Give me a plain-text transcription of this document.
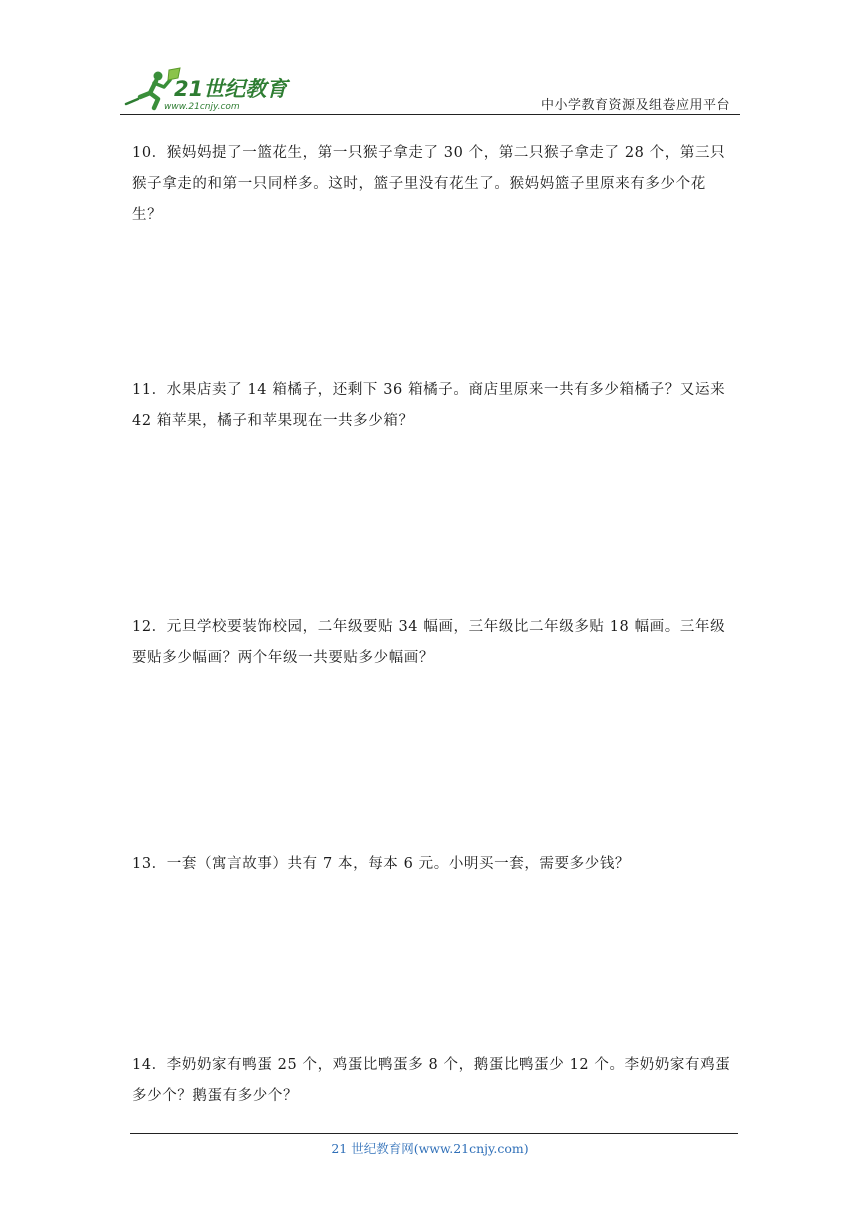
21世纪教育
www.21cnjy.com	中小学教育资源及组卷应用平台

10．猴妈妈提了一篮花生，第一只猴子拿走了 30 个，第二只猴子拿走了 28 个，第三只猴子拿走的和第一只同样多。这时，篮子里没有花生了。猴妈妈篮子里原来有多少个花生？

11．水果店卖了 14 箱橘子，还剩下 36 箱橘子。商店里原来一共有多少箱橘子？又运来 42 箱苹果，橘子和苹果现在一共多少箱？

12．元旦学校要装饰校园，二年级要贴 34 幅画，三年级比二年级多贴 18 幅画。三年级要贴多少幅画？两个年级一共要贴多少幅画？

13．一套（寓言故事）共有 7 本，每本 6 元。小明买一套，需要多少钱？

14．李奶奶家有鸭蛋 25 个，鸡蛋比鸭蛋多 8 个，鹅蛋比鸭蛋少 12 个。李奶奶家有鸡蛋多少个？鹅蛋有多少个？

21 世纪教育网(www.21cnjy.com)
